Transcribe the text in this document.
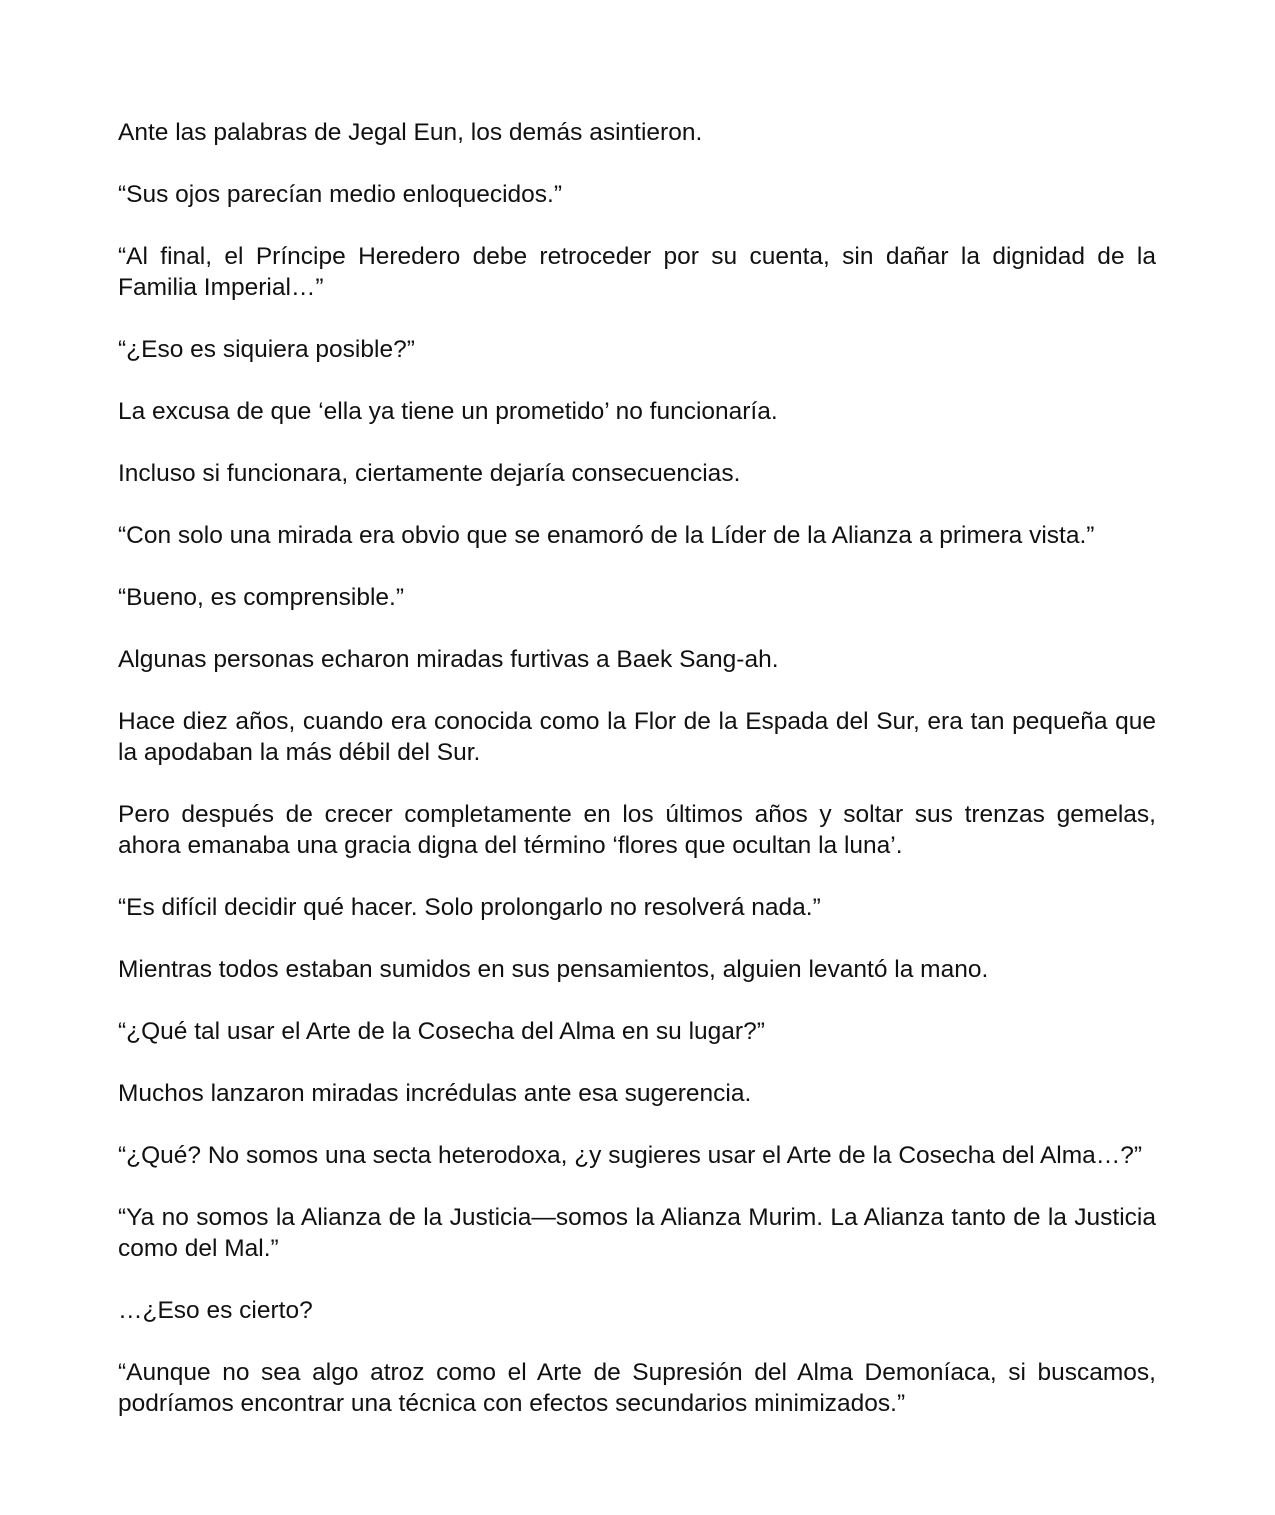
Ante las palabras de Jegal Eun, los demás asintieron.

“Sus ojos parecían medio enloquecidos.”

“Al final, el Príncipe Heredero debe retroceder por su cuenta, sin dañar la dignidad de la Familia Imperial…”

“¿Eso es siquiera posible?”

La excusa de que ‘ella ya tiene un prometido’ no funcionaría.

Incluso si funcionara, ciertamente dejaría consecuencias.

“Con solo una mirada era obvio que se enamoró de la Líder de la Alianza a primera vista.”

“Bueno, es comprensible.”

Algunas personas echaron miradas furtivas a Baek Sang-ah.

Hace diez años, cuando era conocida como la Flor de la Espada del Sur, era tan pequeña que la apodaban la más débil del Sur.

Pero después de crecer completamente en los últimos años y soltar sus trenzas gemelas, ahora emanaba una gracia digna del término ‘flores que ocultan la luna’.

“Es difícil decidir qué hacer. Solo prolongarlo no resolverá nada.”

Mientras todos estaban sumidos en sus pensamientos, alguien levantó la mano.

“¿Qué tal usar el Arte de la Cosecha del Alma en su lugar?”

Muchos lanzaron miradas incrédulas ante esa sugerencia.

“¿Qué? No somos una secta heterodoxa, ¿y sugieres usar el Arte de la Cosecha del Alma…?”

“Ya no somos la Alianza de la Justicia—somos la Alianza Murim. La Alianza tanto de la Justicia como del Mal.”

…¿Eso es cierto?

“Aunque no sea algo atroz como el Arte de Supresión del Alma Demoníaca, si buscamos, podríamos encontrar una técnica con efectos secundarios minimizados.”
